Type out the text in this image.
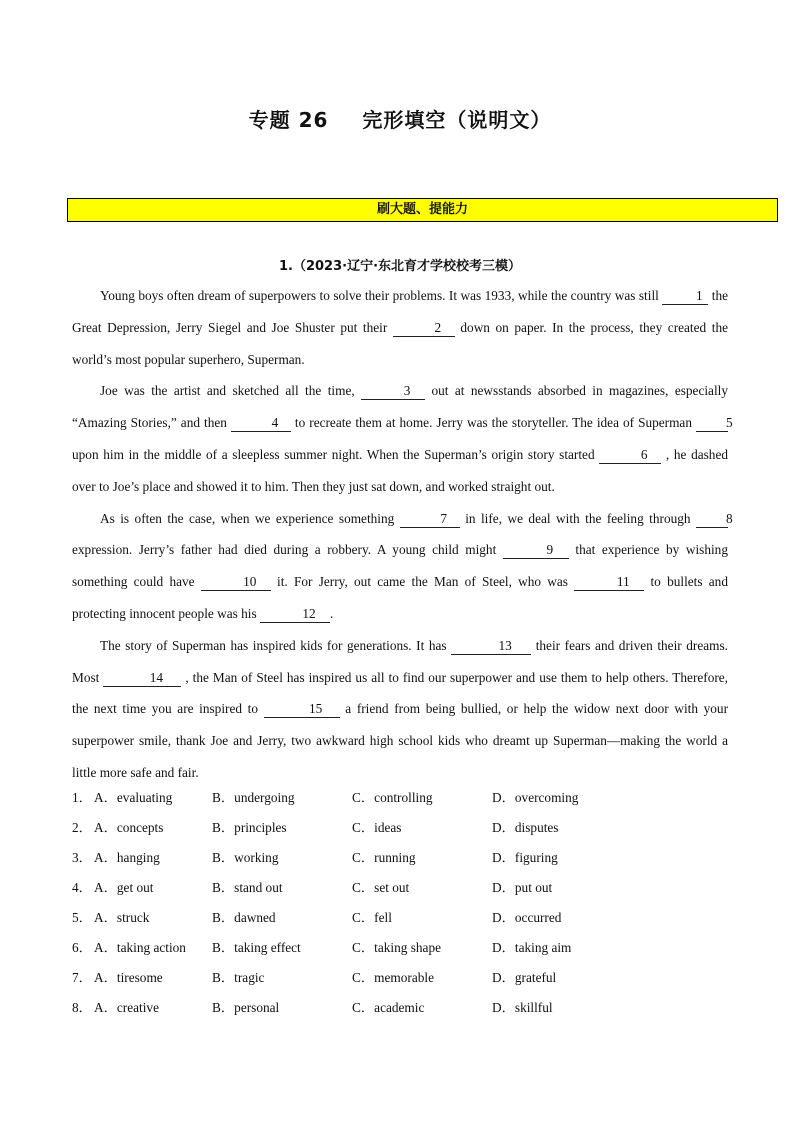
专题 26 完形填空（说明文）
刷大题、提能力
1.（2023·辽宁·东北育才学校校考三模）

Young boys often dream of superpowers to solve their problems. It was 1933, while the country was still	1 the Great Depression, Jerry Siegel and Joe Shuster put their	2 down on paper. In the process, they created the world’s most popular superhero, Superman.

Joe was the artist and sketched all the time,	3 out at newsstands absorbed in magazines, especially “Amazing Stories,” and then	4 to recreate them at home. Jerry was the storyteller. The idea of Superman 5upon him in the middle of a sleepless summer night. When the Superman’s origin story started	6 , he dashed over to Joe’s place and showed it to him. Then they just sat down, and worked straight out.

As is often the case, when we experience something	7 in life, we deal with the feeling through 8 expression. Jerry’s father had died during a robbery. A young child might	9 that experience by wishing something could have	10 it. For Jerry, out came the Man of Steel, who was	11 to bullets and protecting innocent people was his	12 .

The story of Superman has inspired kids for generations. It has	13 their fears and driven their dreams. Most	14 , the Man of Steel has inspired us all to find our superpower and use them to help others. Therefore, the next time you are inspired to	15 a friend from being bullied, or help the widow next door with your superpower smile, thank Joe and Jerry, two awkward high school kids who dreamt up Superman—making the world a little more safe and fair.

1． A．evaluating	B．undergoing	C．controlling	D．overcoming
2． A．concepts	B．principles	C．ideas	D．disputes
3． A．hanging	B．working	C．running	D．figuring
4． A．get out	B．stand out	C．set out	D．put out
5． A．struck	B．dawned	C．fell	D．occurred
6． A．taking action	B．taking effect	C．taking shape	D．taking aim
7． A．tiresome	B．tragic	C．memorable	D．grateful
8． A．creative	B．personal	C．academic	D．skillful
